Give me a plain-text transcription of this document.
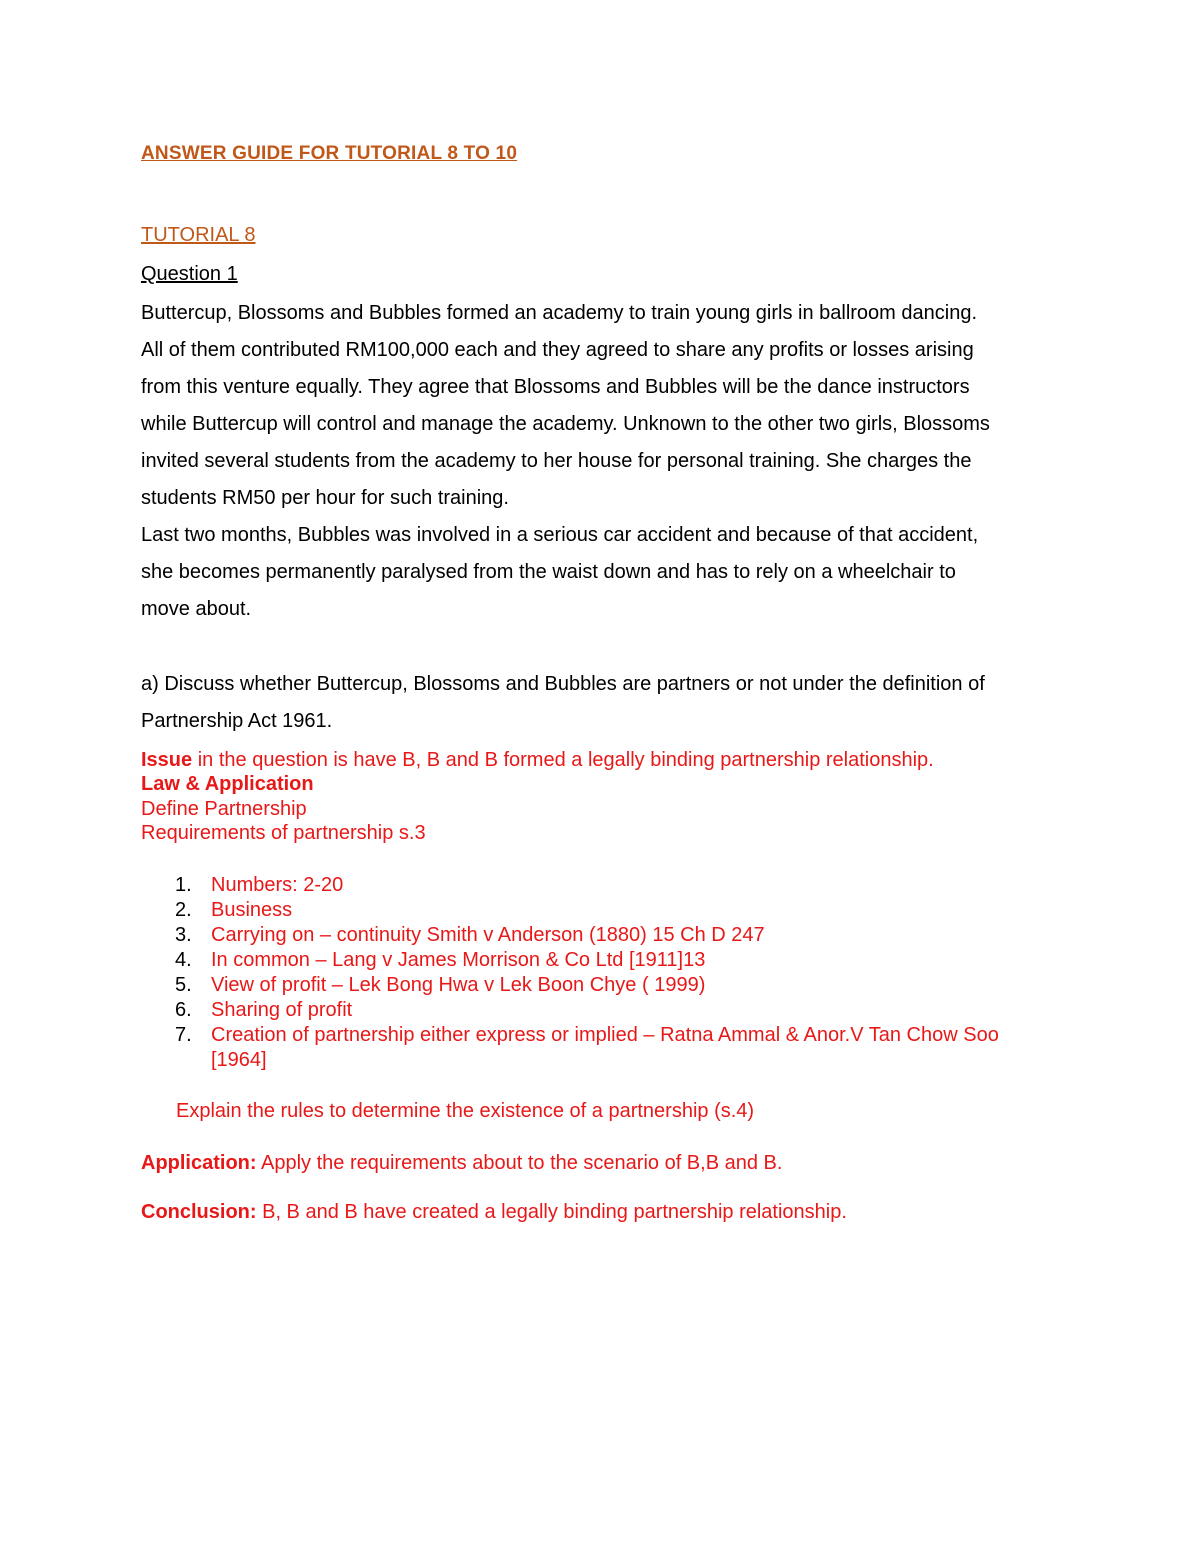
ANSWER GUIDE FOR TUTORIAL 8 TO 10
TUTORIAL 8
Question 1
Buttercup, Blossoms and Bubbles formed an academy to train young girls in ballroom dancing.
All of them contributed RM100,000 each and they agreed to share any profits or losses arising
from this venture equally. They agree that Blossoms and Bubbles will be the dance instructors
while Buttercup will control and manage the academy. Unknown to the other two girls, Blossoms
invited several students from the academy to her house for personal training. She charges the
students RM50 per hour for such training.
Last two months, Bubbles was involved in a serious car accident and because of that accident,
she becomes permanently paralysed from the waist down and has to rely on a wheelchair to
move about.
a) Discuss whether Buttercup, Blossoms and Bubbles are partners or not under the definition of
Partnership Act 1961.
Issue in the question is have B, B and B formed a legally binding partnership relationship.
Law & Application
Define Partnership
Requirements of partnership s.3
1. Numbers: 2-20
2. Business
3. Carrying on – continuity Smith v Anderson (1880) 15 Ch D 247
4. In common – Lang v James Morrison & Co Ltd [1911]13
5. View of profit – Lek Bong Hwa v Lek Boon Chye ( 1999)
6. Sharing of profit
7. Creation of partnership either express or implied – Ratna Ammal & Anor.V Tan Chow Soo [1964]
Explain the rules to determine the existence of a partnership (s.4)
Application: Apply the requirements about to the scenario of B,B and B.
Conclusion: B, B and B have created a legally binding partnership relationship.
